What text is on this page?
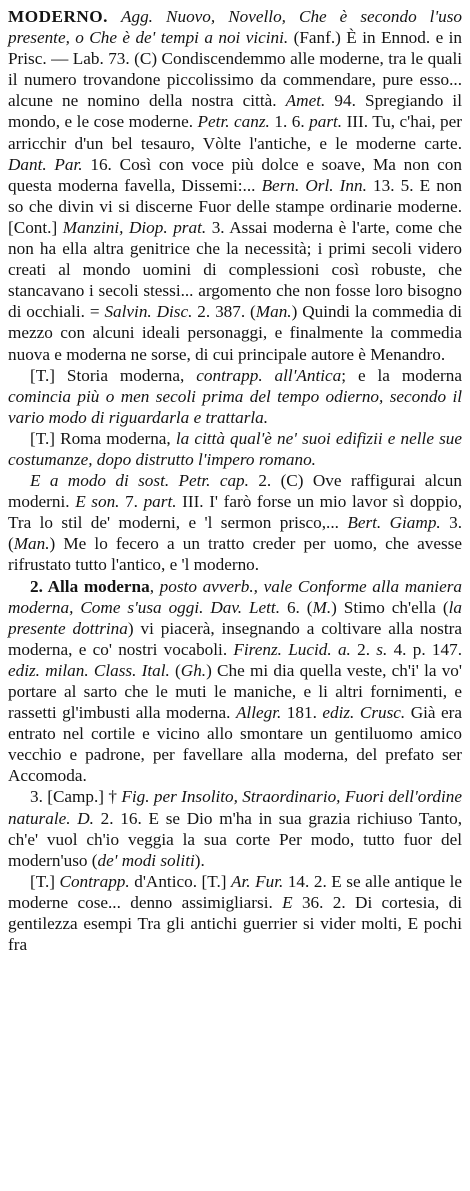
MODERNO. Agg. Nuovo, Novello, Che è secondo l'uso presente, o Che è de' tempi a noi vicini. (Fanf.) È in Ennod. e in Prisc. — Lab. 73. (C) Condiscendemmo alle moderne, tra le quali il numero trovandone piccolissimo da commendare, pure esso... alcune ne nomino della nostra città. Amet. 94. Spregiando il mondo, e le cose moderne. Petr. canz. 1. 6. part. III. Tu, c'hai, per arricchir d'un bel tesauro, Vòlte l'antiche, e le moderne carte. Dant. Par. 16. Così con voce più dolce e soave, Ma non con questa moderna favella, Dissemi:... Bern. Orl. Inn. 13. 5. E non so che divin vi si discerne Fuor delle stampe ordinarie moderne. [Cont.] Manzini, Diop. prat. 3. Assai moderna è l'arte, come che non ha ella altra genitrice che la necessità; i primi secoli videro creati al mondo uomini di complessioni così robuste, che stancavano i secoli stessi... argomento che non fosse loro bisogno di occhiali. = Salvin. Disc. 2. 387. (Man.) Quindi la commedia di mezzo con alcuni ideali personaggi, e finalmente la commedia nuova e moderna ne sorse, di cui principale autore è Menandro.

[T.] Storia moderna, contrapp. all'Antica; e la moderna comincia più o men secoli prima del tempo odierno, secondo il vario modo di riguardarla e trattarla.

[T.] Roma moderna, la città qual'è ne' suoi edifizii e nelle sue costumanze, dopo distrutto l'impero romano.

E a modo di sost. Petr. cap. 2. (C) Ove raffigurai alcun moderni. E son. 7. part. III. I' farò forse un mio lavor sì doppio, Tra lo stil de' moderni, e 'l sermon prisco,... Bert. Giamp. 3. (Man.) Me lo fecero a un tratto creder per uomo, che avesse rifrustato tutto l'antico, e 'l moderno.

2. Alla moderna, posto avverb., vale Conforme alla maniera moderna, Come s'usa oggi. Dav. Lett. 6. (M.) Stimo ch'ella (la presente dottrina) vi piacerà, insegnando a coltivare alla nostra moderna, e co' nostri vocaboli. Firenz. Lucid. a. 2. s. 4. p. 147. ediz. milan. Class. Ital. (Gh.) Che mi dia quella veste, ch'i' la vo' portare al sarto che le muti le maniche, e li altri fornimenti, e rassetti gl'imbusti alla moderna. Allegr. 181. ediz. Crusc. Già era entrato nel cortile e vicino allo smontare un gentiluomo amico vecchio e padrone, per favellare alla moderna, del prefato ser Accomoda.

3. [Camp.] † Fig. per Insolito, Straordinario, Fuori dell'ordine naturale. D. 2. 16. E se Dio m'ha in sua grazia richiuso Tanto, ch'e' vuol ch'io veggia la sua corte Per modo, tutto fuor del modern'uso (de' modi soliti).

[T.] Contrapp. d'Antico. [T.] Ar. Fur. 14. 2. E se alle antique le moderne cose... denno assimigliarsi. E 36. 2. Di cortesia, di gentilezza esempi Tra gli antichi guerrier si vider molti, E pochi fra
